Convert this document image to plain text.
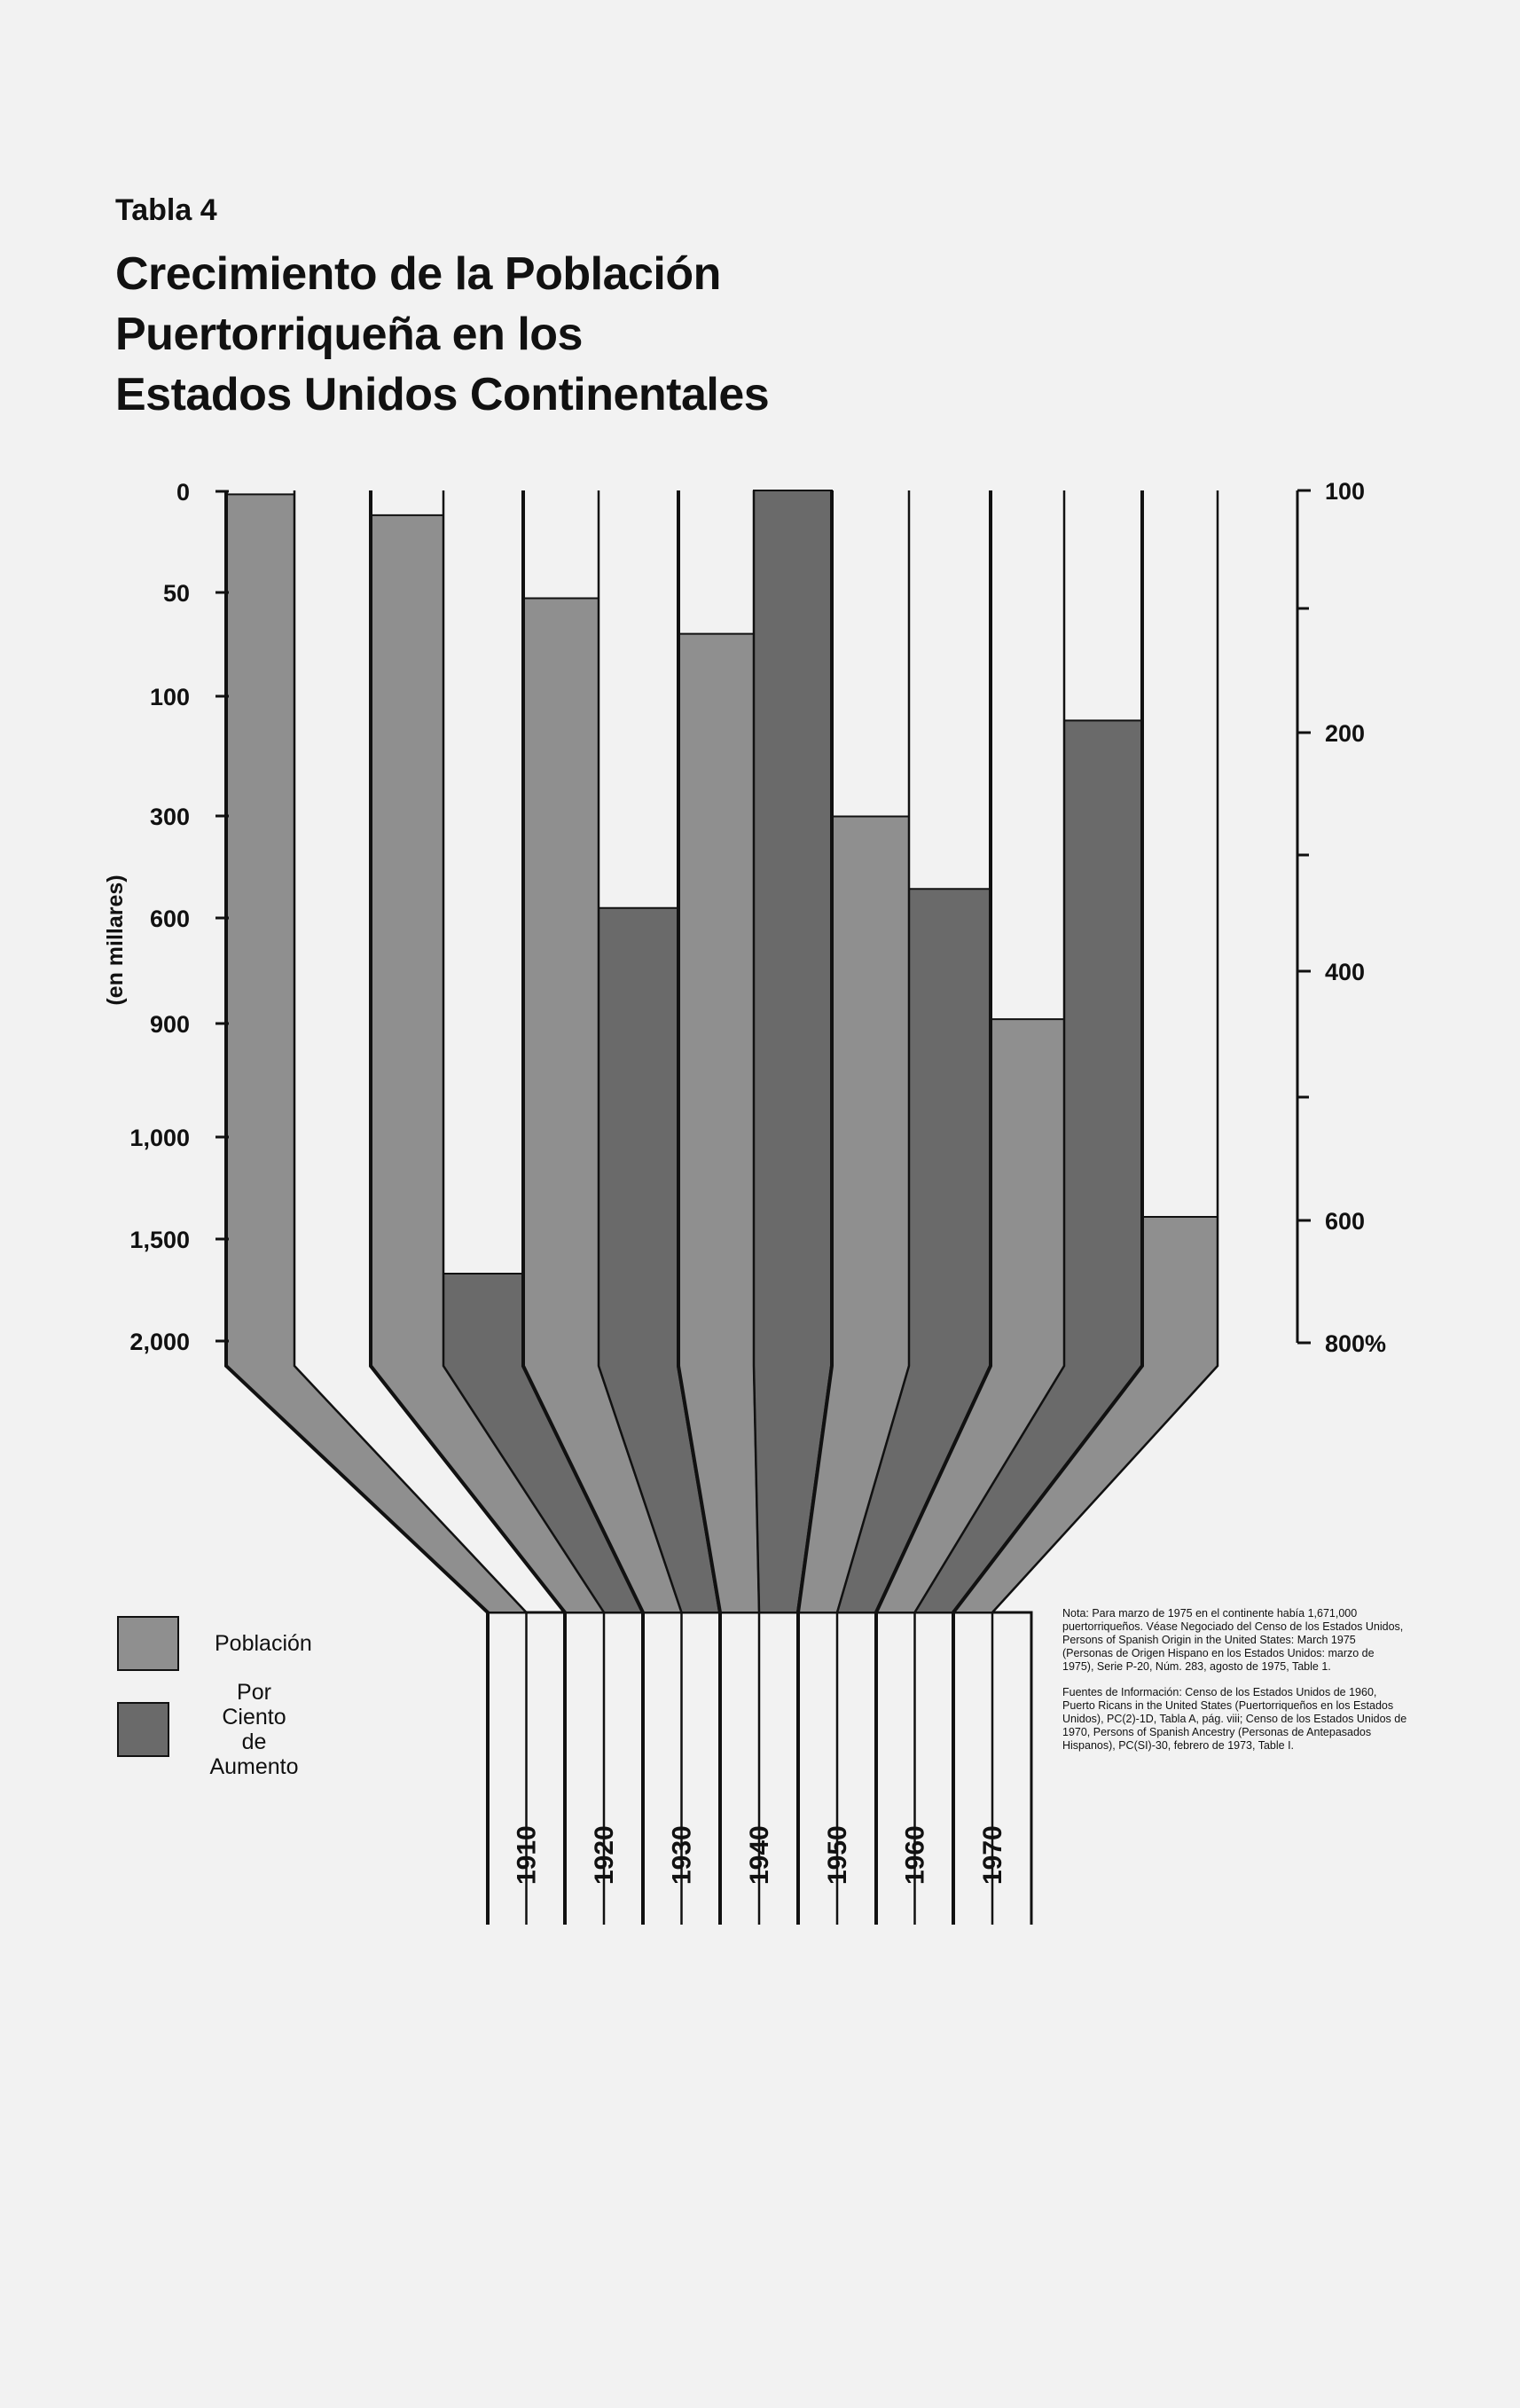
Tabla 4
Crecimiento de la Población
Puertorriqueña en los
Estados Unidos Continentales
1910 1920 1930 1940 1950 1960 1970
2,000
1,500
1,000
900
600
300
100
50
0
(en millares)
800%
600
400
200
100
Población
Por Ciento
de Aumento

Nota: Para marzo de 1975 en el continente había 1,671,000 puertorriqueños. Véase Negociado del Censo de los Estados Unidos, Persons of Spanish Origin in the United States: March 1975 (Personas de Origen Hispano en los Estados Unidos: marzo de 1975), Serie P-20, Núm. 283, agosto de 1975, Table 1.

Fuentes de Información: Censo de los Estados Unidos de 1960, Puerto Ricans in the United States (Puertorriqueños en los Estados Unidos), PC(2)-1D, Tabla A, pág. viii; Censo de los Estados Unidos de 1970, Persons of Spanish Ancestry (Personas de Antepasados Hispanos), PC(SI)-30, febrero de 1973, Table I.
